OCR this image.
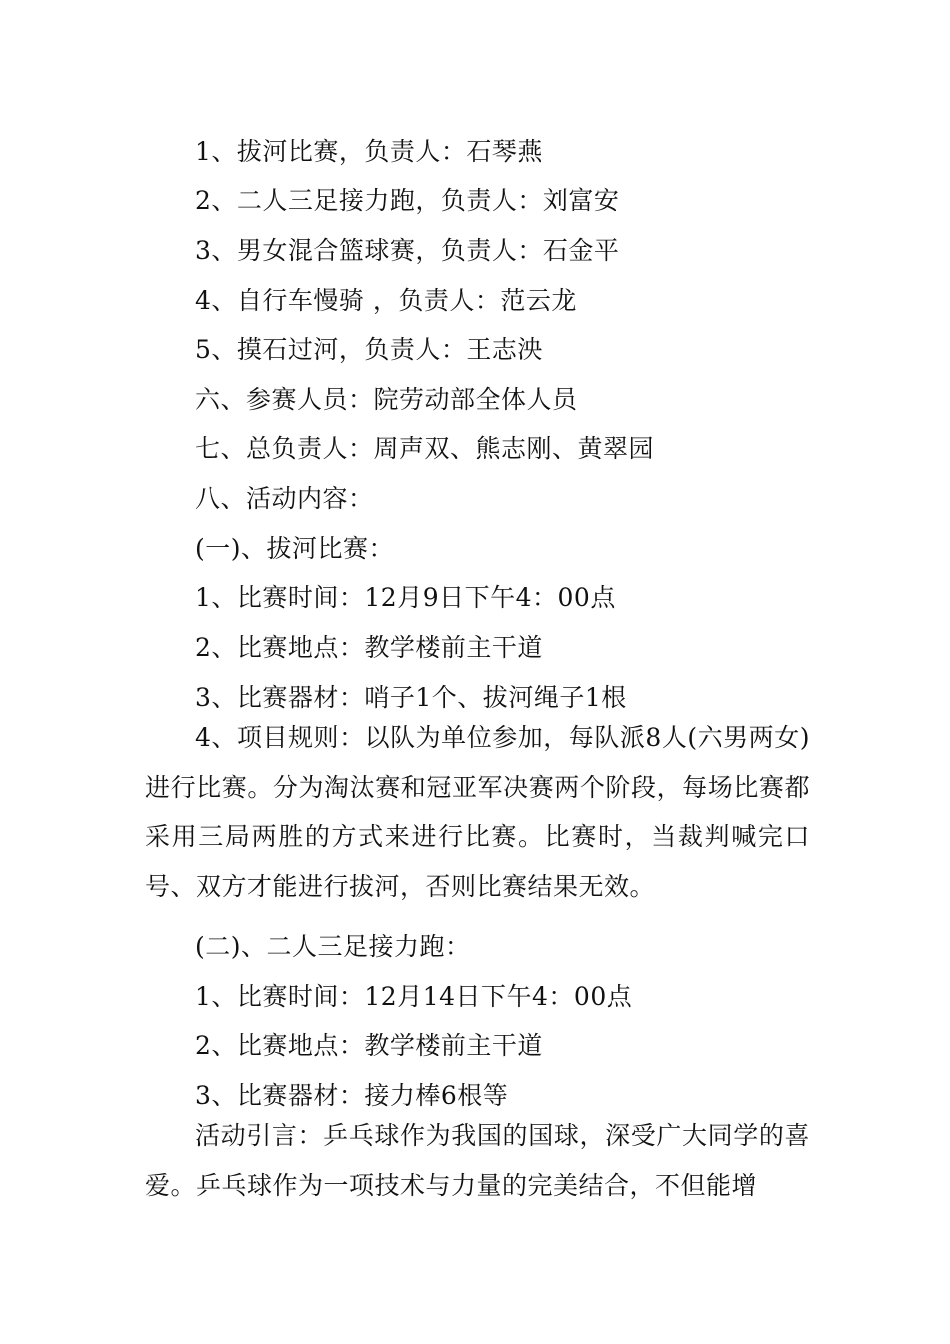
1、拔河比赛，负责人：石琴燕
2、二人三足接力跑，负责人：刘富安
3、男女混合篮球赛，负责人：石金平
4、自行车慢骑 ，负责人：范云龙
5、摸石过河，负责人：王志泱
六、参赛人员：院劳动部全体人员
七、总负责人：周声双、熊志刚、黄翠园
八、活动内容：
(一)、拔河比赛：
1、比赛时间：12月9日下午4：00点
2、比赛地点：教学楼前主干道
3、比赛器材：哨子1个、拔河绳子1根
4、项目规则：以队为单位参加，每队派8人(六男两女)进行比赛。分为淘汰赛和冠亚军决赛两个阶段，每场比赛都采用三局两胜的方式来进行比赛。比赛时，当裁判喊完口号、双方才能进行拔河，否则比赛结果无效。
(二)、二人三足接力跑：
1、比赛时间：12月14日下午4：00点
2、比赛地点：教学楼前主干道
3、比赛器材：接力棒6根等
活动引言：乒乓球作为我国的国球，深受广大同学的喜爱。乒乓球作为一项技术与力量的完美结合，不但能增
